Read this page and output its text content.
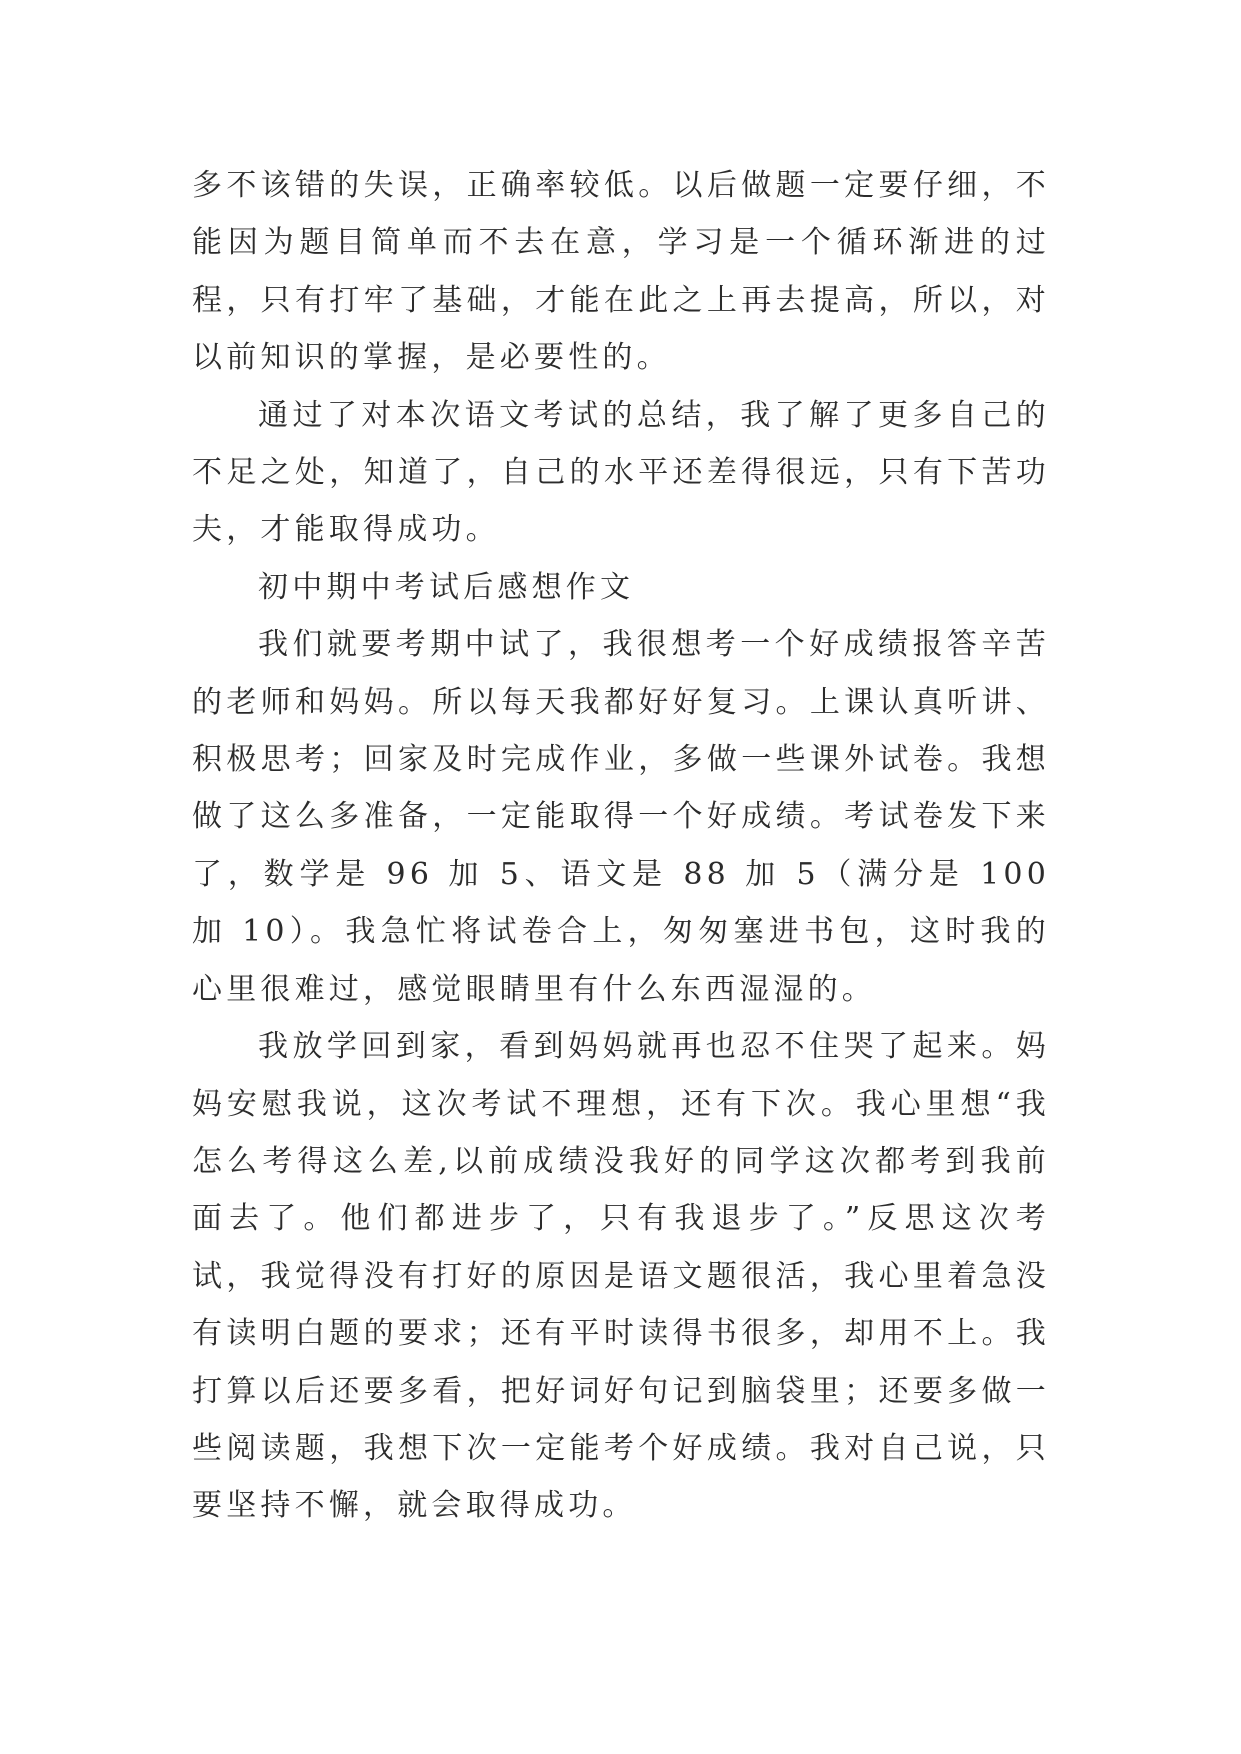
多不该错的失误，正确率较低。以后做题一定要仔细，不能因为题目简单而不去在意，学习是一个循环渐进的过程，只有打牢了基础，才能在此之上再去提高，所以，对以前知识的掌握，是必要性的。

通过了对本次语文考试的总结，我了解了更多自己的不足之处，知道了，自己的水平还差得很远，只有下苦功夫，才能取得成功。

初中期中考试后感想作文

我们就要考期中试了，我很想考一个好成绩报答辛苦的老师和妈妈。所以每天我都好好复习。上课认真听讲、积极思考；回家及时完成作业，多做一些课外试卷。我想做了这么多准备，一定能取得一个好成绩。考试卷发下来了，数学是 96 加 5、语文是 88 加 5（满分是 100 加 10）。我急忙将试卷合上，匆匆塞进书包，这时我的心里很难过，感觉眼睛里有什么东西湿湿的。

我放学回到家，看到妈妈就再也忍不住哭了起来。妈妈安慰我说，这次考试不理想，还有下次。我心里想“我怎么考得这么差,以前成绩没我好的同学这次都考到我前面去了。他们都进步了，只有我退步了。”反思这次考试，我觉得没有打好的原因是语文题很活，我心里着急没有读明白题的要求；还有平时读得书很多，却用不上。我打算以后还要多看，把好词好句记到脑袋里；还要多做一些阅读题，我想下次一定能考个好成绩。我对自己说，只要坚持不懈，就会取得成功。
